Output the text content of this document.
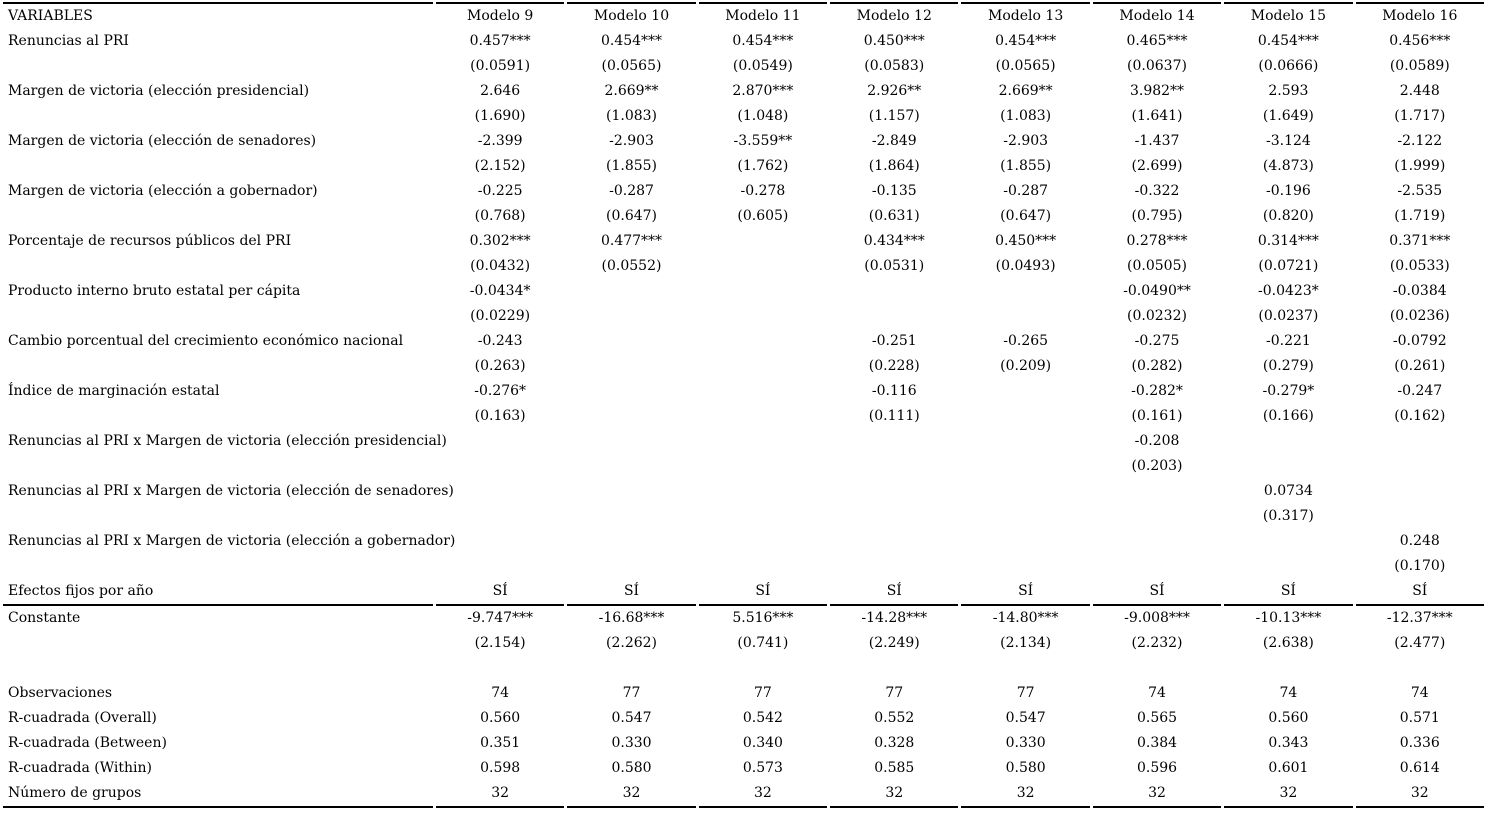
VARIABLES	Modelo 9	Modelo 10	Modelo 11	Modelo 12	Modelo 13	Modelo 14	Modelo 15	Modelo 16
Renuncias al PRI	0.457***	0.454***	0.454***	0.450***	0.454***	0.465***	0.454***	0.456***
	(0.0591)	(0.0565)	(0.0549)	(0.0583)	(0.0565)	(0.0637)	(0.0666)	(0.0589)
Margen de victoria (elección presidencial)	2.646	2.669**	2.870***	2.926**	2.669**	3.982**	2.593	2.448
	(1.690)	(1.083)	(1.048)	(1.157)	(1.083)	(1.641)	(1.649)	(1.717)
Margen de victoria (elección de senadores)	-2.399	-2.903	-3.559**	-2.849	-2.903	-1.437	-3.124	-2.122
	(2.152)	(1.855)	(1.762)	(1.864)	(1.855)	(2.699)	(4.873)	(1.999)
Margen de victoria (elección a gobernador)	-0.225	-0.287	-0.278	-0.135	-0.287	-0.322	-0.196	-2.535
	(0.768)	(0.647)	(0.605)	(0.631)	(0.647)	(0.795)	(0.820)	(1.719)
Porcentaje de recursos públicos del PRI	0.302***	0.477***		0.434***	0.450***	0.278***	0.314***	0.371***
	(0.0432)	(0.0552)		(0.0531)	(0.0493)	(0.0505)	(0.0721)	(0.0533)
Producto interno bruto estatal per cápita	-0.0434*					-0.0490**	-0.0423*	-0.0384
	(0.0229)					(0.0232)	(0.0237)	(0.0236)
Cambio porcentual del crecimiento económico nacional	-0.243			-0.251	-0.265	-0.275	-0.221	-0.0792
	(0.263)			(0.228)	(0.209)	(0.282)	(0.279)	(0.261)
Índice de marginación estatal	-0.276*			-0.116		-0.282*	-0.279*	-0.247
	(0.163)			(0.111)		(0.161)	(0.166)	(0.162)
Renuncias al PRI x Margen de victoria (elección presidencial)						-0.208		
						(0.203)		
Renuncias al PRI x Margen de victoria (elección de senadores)							0.0734	
							(0.317)	
Renuncias al PRI x Margen de victoria (elección a gobernador)								0.248
								(0.170)
Efectos fijos por año	SÍ	SÍ	SÍ	SÍ	SÍ	SÍ	SÍ	SÍ
Constante	-9.747***	-16.68***	5.516***	-14.28***	-14.80***	-9.008***	-10.13***	-12.37***
	(2.154)	(2.262)	(0.741)	(2.249)	(2.134)	(2.232)	(2.638)	(2.477)

Observaciones	74	77	77	77	77	74	74	74
R-cuadrada (Overall)	0.560	0.547	0.542	0.552	0.547	0.565	0.560	0.571
R-cuadrada (Between)	0.351	0.330	0.340	0.328	0.330	0.384	0.343	0.336
R-cuadrada (Within)	0.598	0.580	0.573	0.585	0.580	0.596	0.601	0.614
Número de grupos	32	32	32	32	32	32	32	32
